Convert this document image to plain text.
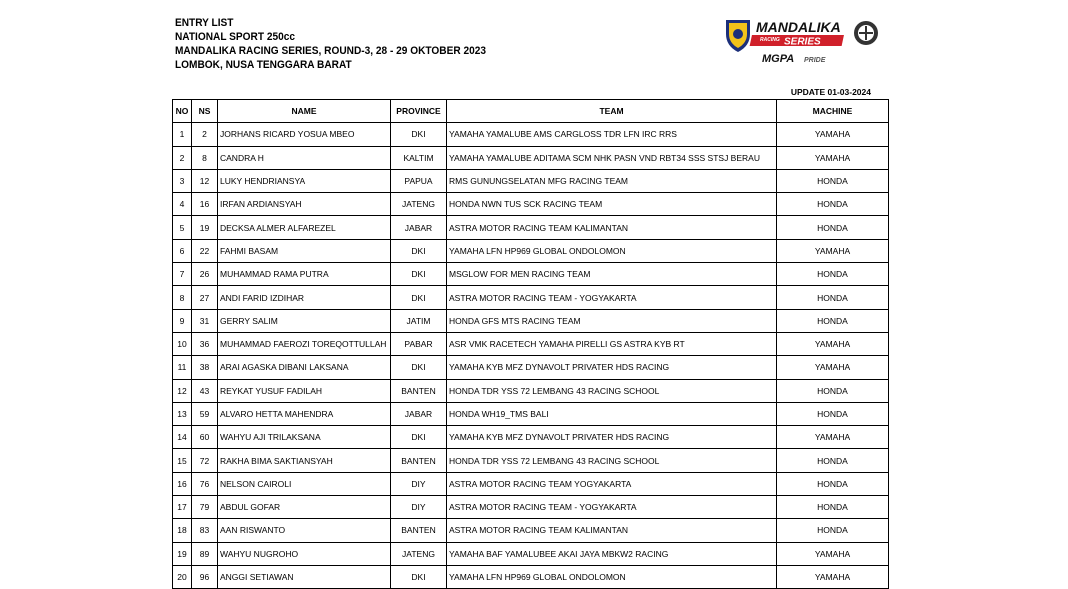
ENTRY LIST
NATIONAL SPORT 250cc
MANDALIKA RACING SERIES, ROUND-3, 28 - 29 OKTOBER 2023
LOMBOK, NUSA TENGGARA BARAT
MANDALIKA
RACING SERIES
MGPA PRIDE
UPDATE 01-03-2024
NO	NS	NAME	PROVINCE	TEAM	MACHINE
1	2	JORHANS RICARD YOSUA MBEO	DKI	YAMAHA YAMALUBE AMS CARGLOSS TDR LFN IRC RRS	YAMAHA
2	8	CANDRA H	KALTIM	YAMAHA YAMALUBE ADITAMA SCM NHK PASN VND RBT34 SSS STSJ BERAU	YAMAHA
3	12	LUKY HENDRIANSYA	PAPUA	RMS GUNUNGSELATAN MFG RACING TEAM	HONDA
4	16	IRFAN ARDIANSYAH	JATENG	HONDA NWN TUS SCK RACING TEAM	HONDA
5	19	DECKSA ALMER ALFAREZEL	JABAR	ASTRA MOTOR RACING TEAM KALIMANTAN	HONDA
6	22	FAHMI BASAM	DKI	YAMAHA LFN HP969 GLOBAL ONDOLOMON	YAMAHA
7	26	MUHAMMAD RAMA PUTRA	DKI	MSGLOW FOR MEN RACING TEAM	HONDA
8	27	ANDI FARID IZDIHAR	DKI	ASTRA MOTOR RACING TEAM - YOGYAKARTA	HONDA
9	31	GERRY SALIM	JATIM	HONDA GFS MTS RACING TEAM	HONDA
10	36	MUHAMMAD FAEROZI TOREQOTTULLAH	PABAR	ASR VMK RACETECH YAMAHA PIRELLI GS ASTRA KYB RT	YAMAHA
11	38	ARAI AGASKA DIBANI LAKSANA	DKI	YAMAHA KYB MFZ DYNAVOLT PRIVATER HDS RACING	YAMAHA
12	43	REYKAT YUSUF FADILAH	BANTEN	HONDA TDR YSS 72 LEMBANG 43 RACING SCHOOL	HONDA
13	59	ALVARO HETTA MAHENDRA	JABAR	HONDA WH19_TMS BALI	HONDA
14	60	WAHYU AJI TRILAKSANA	DKI	YAMAHA KYB MFZ DYNAVOLT PRIVATER HDS RACING	YAMAHA
15	72	RAKHA BIMA SAKTIANSYAH	BANTEN	HONDA TDR YSS 72 LEMBANG 43 RACING SCHOOL	HONDA
16	76	NELSON CAIROLI	DIY	ASTRA MOTOR RACING TEAM YOGYAKARTA	HONDA
17	79	ABDUL GOFAR	DIY	ASTRA MOTOR RACING TEAM - YOGYAKARTA	HONDA
18	83	AAN RISWANTO	BANTEN	ASTRA MOTOR RACING TEAM KALIMANTAN	HONDA
19	89	WAHYU NUGROHO	JATENG	YAMAHA BAF YAMALUBEE AKAI JAYA MBKW2 RACING	YAMAHA
20	96	ANGGI SETIAWAN	DKI	YAMAHA LFN HP969 GLOBAL ONDOLOMON	YAMAHA
